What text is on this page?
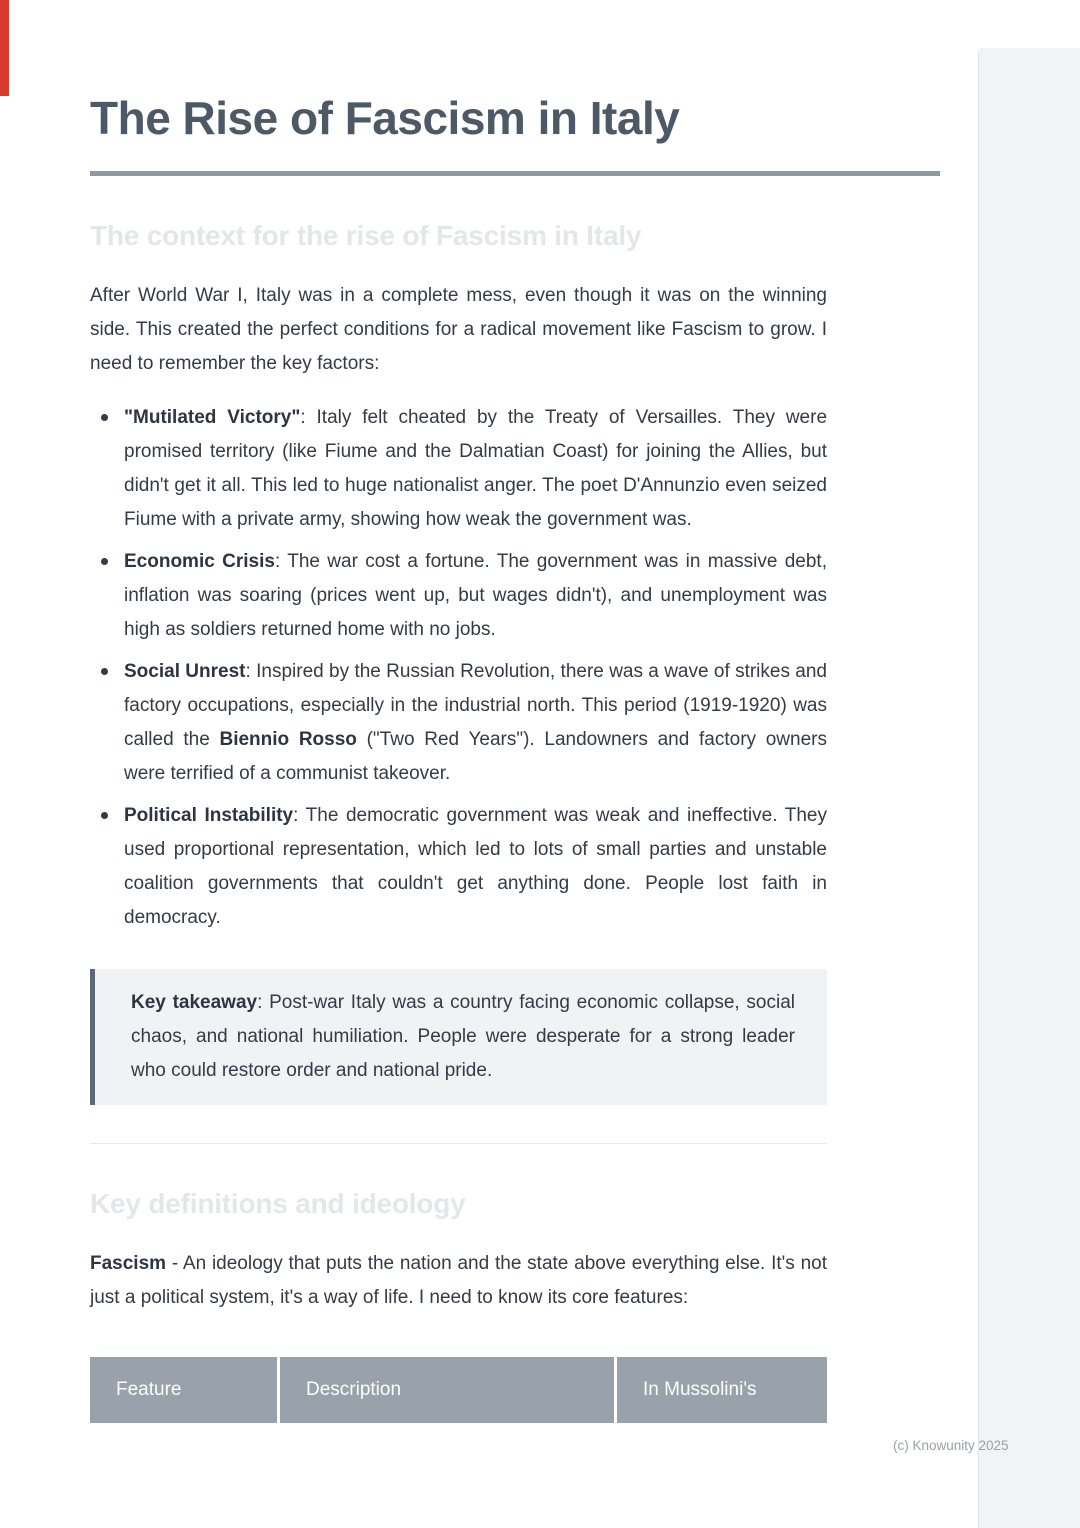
The Rise of Fascism in Italy
The context for the rise of Fascism in Italy

After World War I, Italy was in a complete mess, even though it was on the winning side. This created the perfect conditions for a radical movement like Fascism to grow. I need to remember the key factors:

"Mutilated Victory": Italy felt cheated by the Treaty of Versailles. They were promised territory (like Fiume and the Dalmatian Coast) for joining the Allies, but didn't get it all. This led to huge nationalist anger. The poet D'Annunzio even seized Fiume with a private army, showing how weak the government was.
Economic Crisis: The war cost a fortune. The government was in massive debt, inflation was soaring (prices went up, but wages didn't), and unemployment was high as soldiers returned home with no jobs.
Social Unrest: Inspired by the Russian Revolution, there was a wave of strikes and factory occupations, especially in the industrial north. This period (1919-1920) was called the Biennio Rosso ("Two Red Years"). Landowners and factory owners were terrified of a communist takeover.
Political Instability: The democratic government was weak and ineffective. They used proportional representation, which led to lots of small parties and unstable coalition governments that couldn't get anything done. People lost faith in democracy.

Key takeaway: Post-war Italy was a country facing economic collapse, social chaos, and national humiliation. People were desperate for a strong leader who could restore order and national pride.

Key definitions and ideology

Fascism - An ideology that puts the nation and the state above everything else. It's not just a political system, it's a way of life. I need to know its core features:

Feature	Description	In Mussolini's
(c) Knowunity 2025
